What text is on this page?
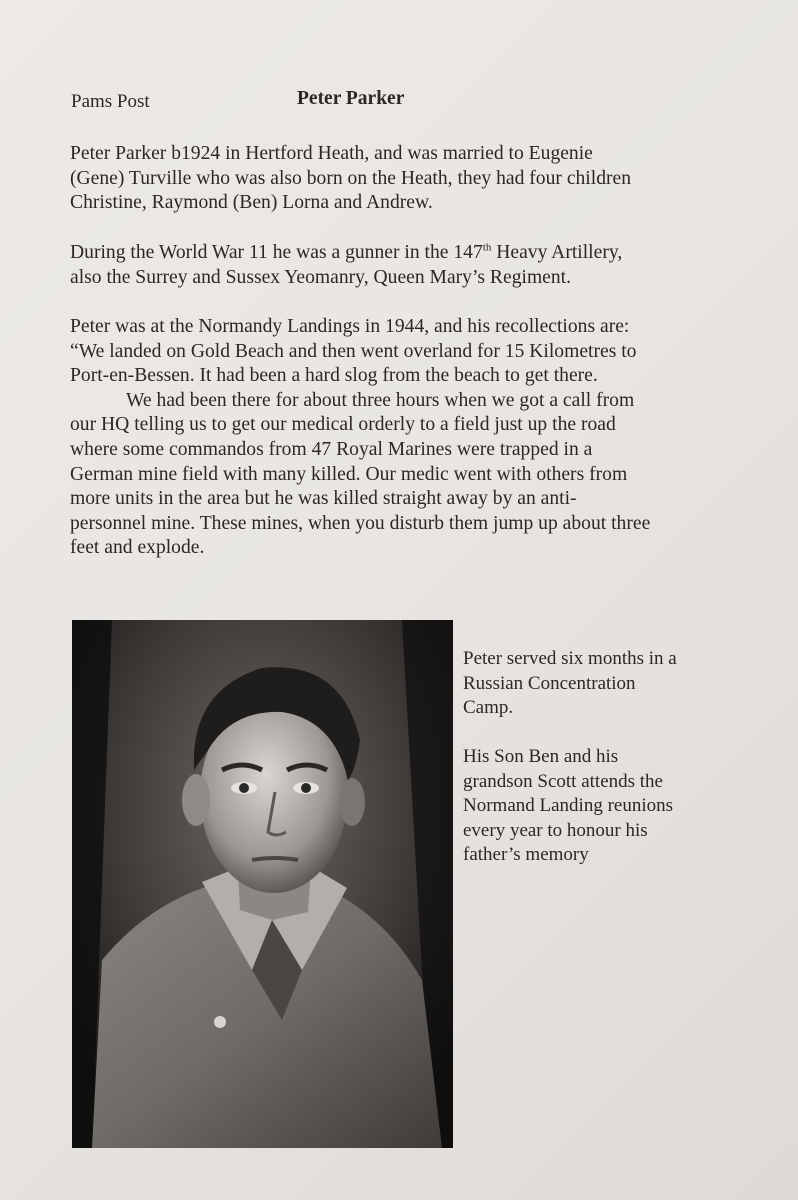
Pams Post	Peter Parker

Peter Parker b1924 in Hertford Heath, and was married to Eugenie
(Gene) Turville who was also born on the Heath, they had four children
Christine, Raymond (Ben) Lorna and Andrew.

During the World War 11 he was a gunner in the 147th Heavy Artillery,
also the Surrey and Sussex Yeomanry, Queen Mary’s Regiment.

Peter was at the Normandy Landings in 1944, and his recollections are:
“We landed on Gold Beach and then went overland for 15 Kilometres to
Port-en-Bessen. It had been a hard slog from the beach to get there.
We had been there for about three hours when we got a call from
our HQ telling us to get our medical orderly to a field just up the road
where some commandos from 47 Royal Marines were trapped in a
German mine field with many killed. Our medic went with others from
more units in the area but he was killed straight away by an anti-
personnel mine. These mines, when you disturb them jump up about three
feet and explode.

Peter served six months in a
Russian Concentration
Camp.

His Son Ben and his
grandson Scott attends the
Normand Landing reunions
every year to honour his
father’s memory
